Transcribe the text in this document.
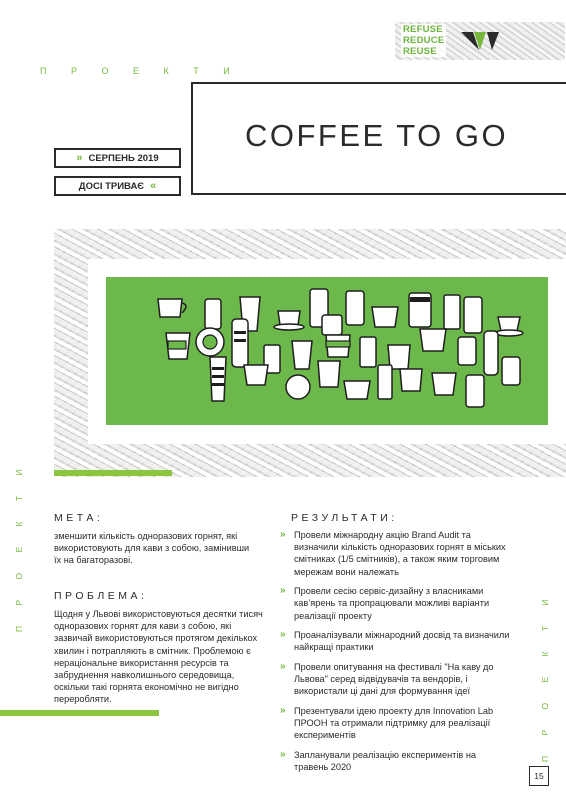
REFUSE
REDUCE
REUSE
П Р О Е К Т И
COFFEE TO GO
» СЕРПЕНЬ 2019
ДОСІ ТРИВАЄ «
П Р О Е К Т И
П Р О Е К Т И
МЕТА:
зменшити кількість одноразових горнят, які використовують для кави з собою, замінивши їх на багаторазові.
ПРОБЛЕМА:
Щодня у Львові використовуються десятки тисяч одноразових горнят для кави з собою, які зазвичай використовуються протягом декількох хвилин і потрапляють в смітник. Проблемою є нераціональне використання ресурсів та забруднення навколишнього середовища, оскільки такі горнята економічно не вигідно переробляти.
РЕЗУЛЬТАТИ:
» Провели міжнародну акцію Brand Audit та визначили кількість одноразових горнят в міських смітниках (1/5 смітників), а також яким торговим мережам вони належать
» Провели сесію сервіс-дизайну з власниками кав’ярень та пропрацювали можливі варіанти реалізації проекту
» Проаналізували міжнародний досвід та визначили найкращі практики
» Провели опитування на фестивалі "На каву до Львова" серед відвідувачів та вендорів, і використали ці дані для формування ідеї
» Презентували ідею проекту для Innovation Lab ПРООН та отримали підтримку для реалізації експериментів
» Запланували реалізацію експериментів на травень 2020
15
